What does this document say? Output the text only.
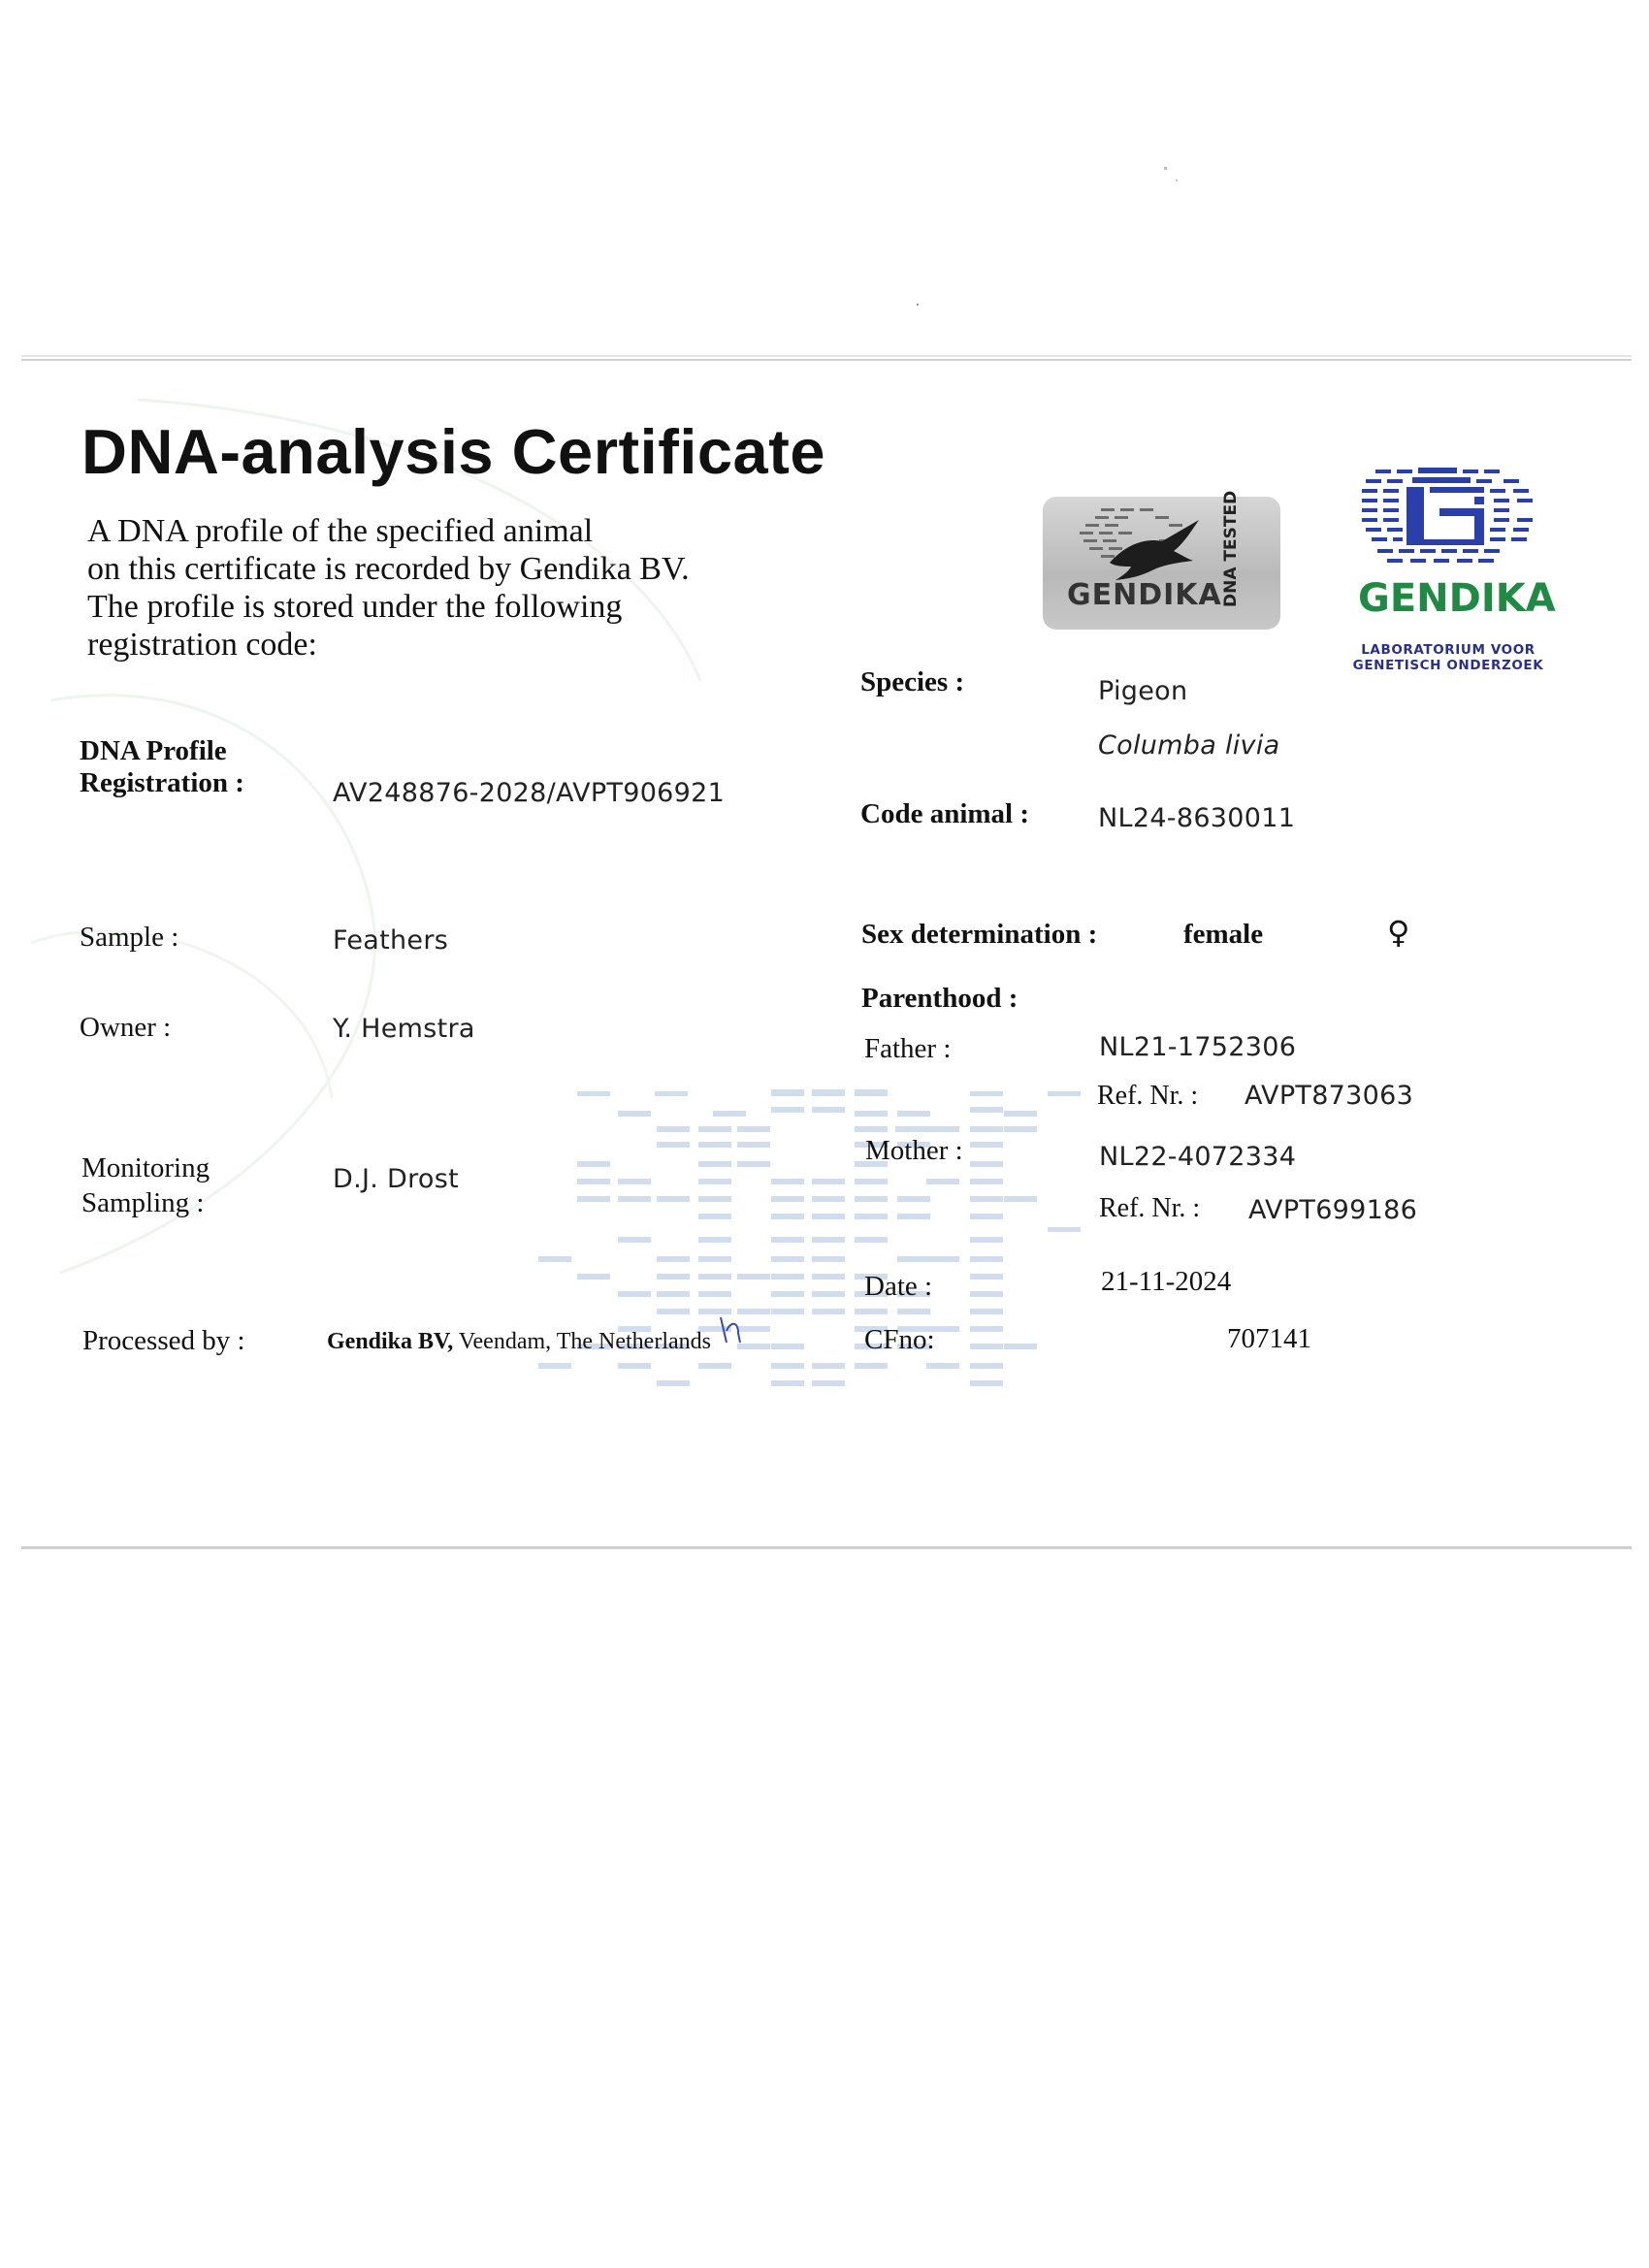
DNA-analysis Certificate
A DNA profile of the specified animal
on this certificate is recorded by Gendika BV.
The profile is stored under the following
registration code:
GENDIKA DNA TESTED	GENDIKA
LABORATORIUM VOOR
GENETISCH ONDERZOEK
DNA Profile
Registration :	AV248876-2028/AVPT906921
Sample :	Feathers
Owner :	Y. Hemstra
Monitoring
Sampling :
D.J. Drost
Processed by :	Gendika BV, Veendam, The Netherlands
Species :	Pigeon
Columba livia
Code animal :	NL24-8630011
Sex determination :	female	♀
Parenthood :
Father :	NL21-1752306
Ref. Nr. : AVPT873063
Mother :	NL22-4072334
Ref. Nr. : AVPT699186
Date :	21-11-2024
CFno:	707141
